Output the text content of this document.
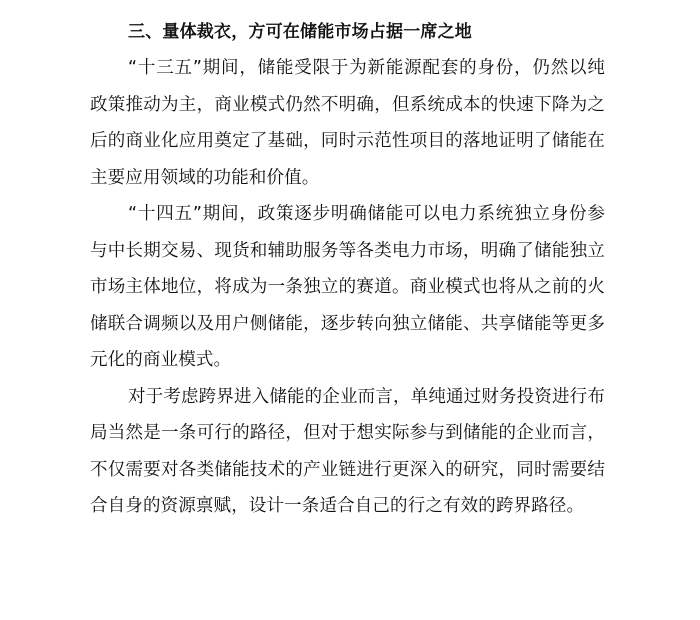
三、量体裁衣，方可在储能市场占据一席之地

“十三五”期间，储能受限于为新能源配套的身份，仍然以纯政策推动为主，商业模式仍然不明确，但系统成本的快速下降为之后的商业化应用奠定了基础，同时示范性项目的落地证明了储能在主要应用领域的功能和价值。

“十四五”期间，政策逐步明确储能可以电力系统独立身份参与中长期交易、现货和辅助服务等各类电力市场，明确了储能独立市场主体地位，将成为一条独立的赛道。商业模式也将从之前的火储联合调频以及用户侧储能，逐步转向独立储能、共享储能等更多元化的商业模式。

对于考虑跨界进入储能的企业而言，单纯通过财务投资进行布局当然是一条可行的路径，但对于想实际参与到储能的企业而言，不仅需要对各类储能技术的产业链进行更深入的研究，同时需要结合自身的资源禀赋，设计一条适合自己的行之有效的跨界路径。
